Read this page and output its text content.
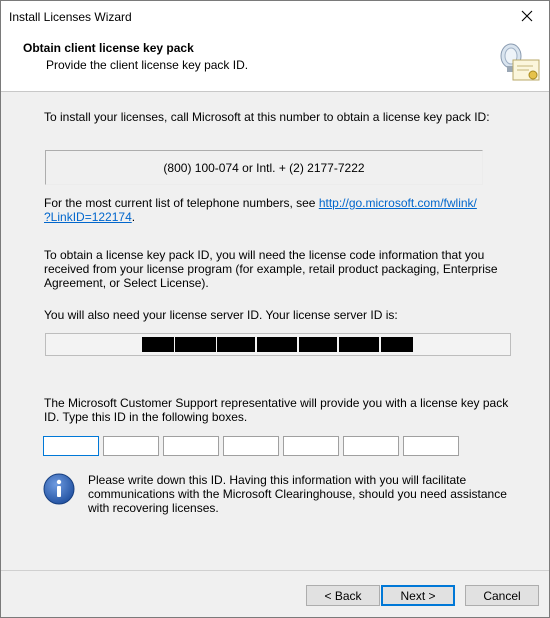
Install Licenses Wizard
Obtain client license key pack
Provide the client license key pack ID.
To install your licenses, call Microsoft at this number to obtain a license key pack ID:
(800) 100-074 or Intl. + (2) 2177-7222
For the most current list of telephone numbers, see http://go.microsoft.com/fwlink/
?LinkID=122174.
To obtain a license key pack ID, you will need the license code information that you received from your license program (for example, retail product packaging, Enterprise Agreement, or Select License).
You will also need your license server ID. Your license server ID is:
The Microsoft Customer Support representative will provide you with a license key pack ID. Type this ID in the following boxes.
Please write down this ID. Having this information with you will facilitate communications with the Microsoft Clearinghouse, should you need assistance with recovering licenses.
< Back	Next >	Cancel
